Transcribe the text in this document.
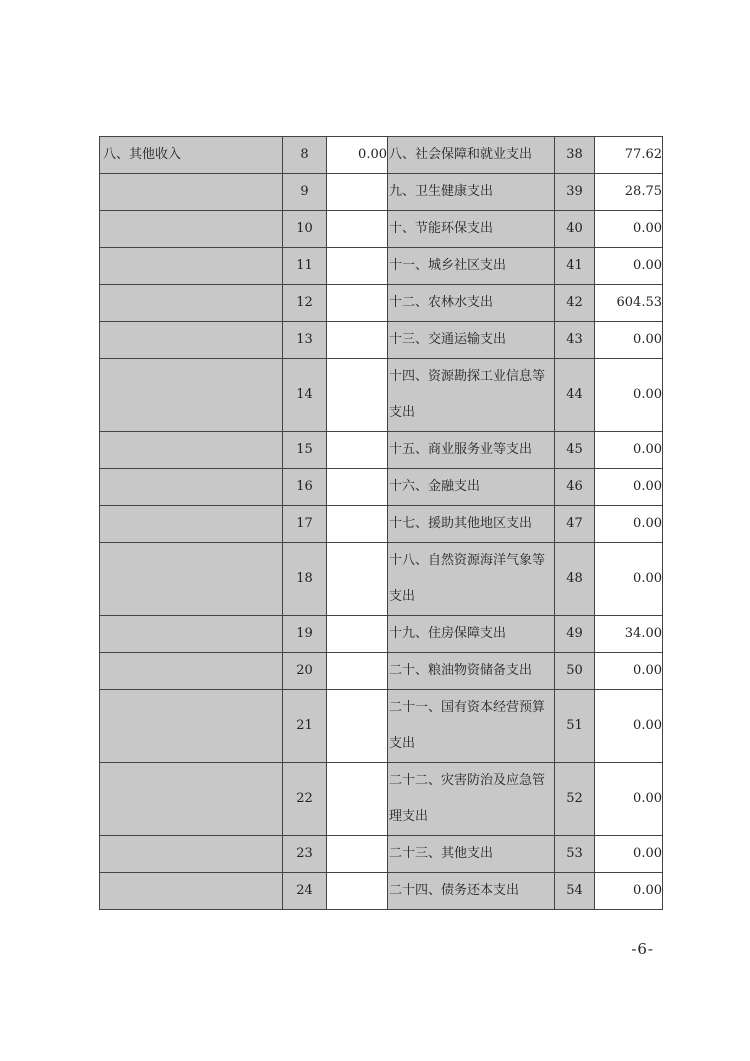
八、其他收入	8	0.00	八、社会保障和就业支出	38	77.62
	9		九、卫生健康支出	39	28.75
	10		十、节能环保支出	40	0.00
	11		十一、城乡社区支出	41	0.00
	12		十二、农林水支出	42	604.53
	13		十三、交通运输支出	43	0.00
	14		十四、资源勘探工业信息等支出	44	0.00
	15		十五、商业服务业等支出	45	0.00
	16		十六、金融支出	46	0.00
	17		十七、援助其他地区支出	47	0.00
	18		十八、自然资源海洋气象等支出	48	0.00
	19		十九、住房保障支出	49	34.00
	20		二十、粮油物资储备支出	50	0.00
	21		二十一、国有资本经营预算支出	51	0.00
	22		二十二、灾害防治及应急管理支出	52	0.00
	23		二十三、其他支出	53	0.00
	24		二十四、债务还本支出	54	0.00
-6-
